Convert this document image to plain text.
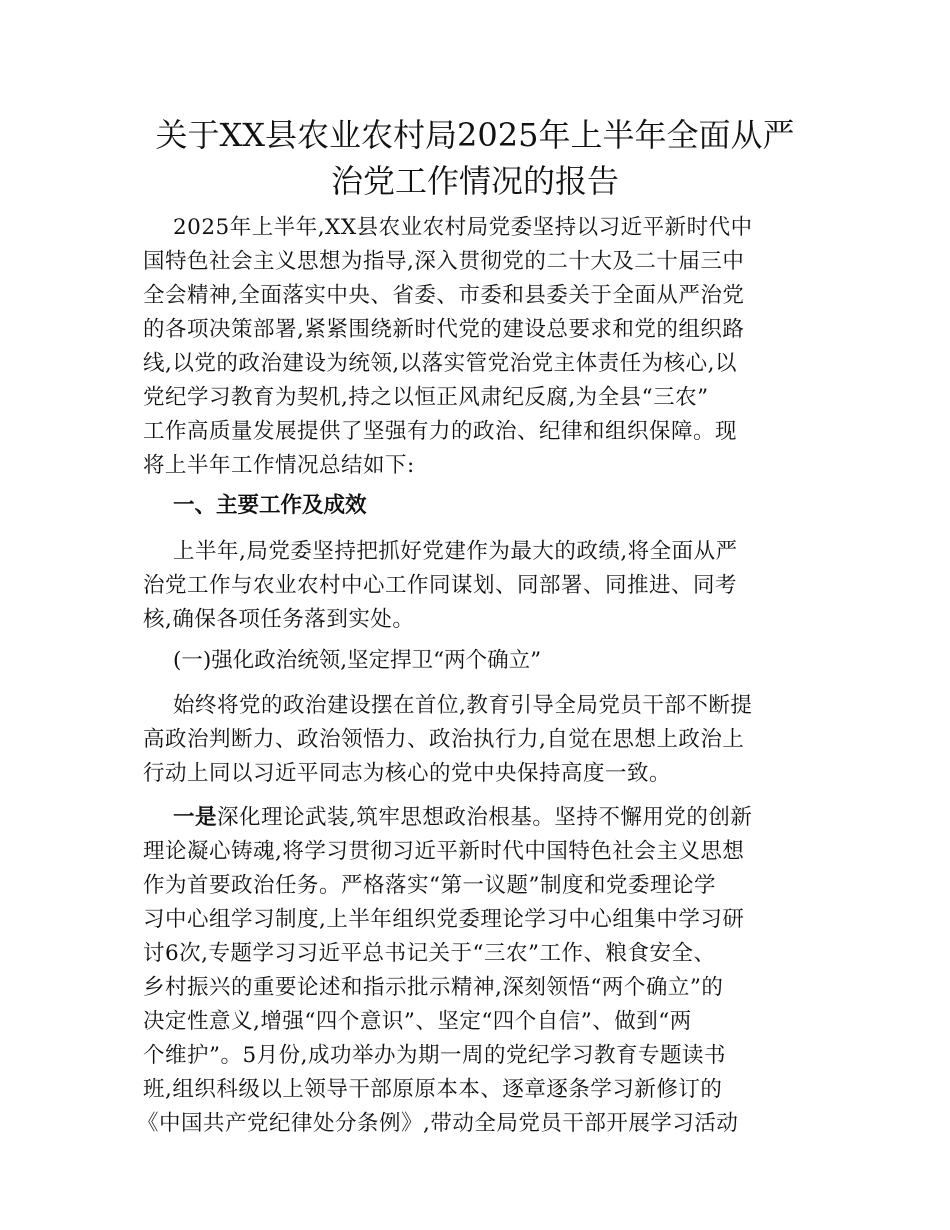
关于XX县农业农村局2025年上半年全面从严
治党工作情况的报告
2025年上半年,XX县农业农村局党委坚持以习近平新时代中
国特色社会主义思想为指导,深入贯彻党的二十大及二十届三中
全会精神,全面落实中央、省委、市委和县委关于全面从严治党
的各项决策部署,紧紧围绕新时代党的建设总要求和党的组织路
线,以党的政治建设为统领,以落实管党治党主体责任为核心,以
党纪学习教育为契机,持之以恒正风肃纪反腐,为全县“三农”
工作高质量发展提供了坚强有力的政治、纪律和组织保障。现
将上半年工作情况总结如下:
一、主要工作及成效
上半年,局党委坚持把抓好党建作为最大的政绩,将全面从严
治党工作与农业农村中心工作同谋划、同部署、同推进、同考
核,确保各项任务落到实处。
(一)强化政治统领,坚定捍卫“两个确立”
始终将党的政治建设摆在首位,教育引导全局党员干部不断提
高政治判断力、政治领悟力、政治执行力,自觉在思想上政治上
行动上同以习近平同志为核心的党中央保持高度一致。
一是深化理论武装,筑牢思想政治根基。坚持不懈用党的创新
理论凝心铸魂,将学习贯彻习近平新时代中国特色社会主义思想
作为首要政治任务。严格落实“第一议题”制度和党委理论学
习中心组学习制度,上半年组织党委理论学习中心组集中学习研
讨6次,专题学习习近平总书记关于“三农”工作、粮食安全、
乡村振兴的重要论述和指示批示精神,深刻领悟“两个确立”的
决定性意义,增强“四个意识”、坚定“四个自信”、做到“两
个维护”。5月份,成功举办为期一周的党纪学习教育专题读书
班,组织科级以上领导干部原原本本、逐章逐条学习新修订的
《中国共产党纪律处分条例》,带动全局党员干部开展学习活动
